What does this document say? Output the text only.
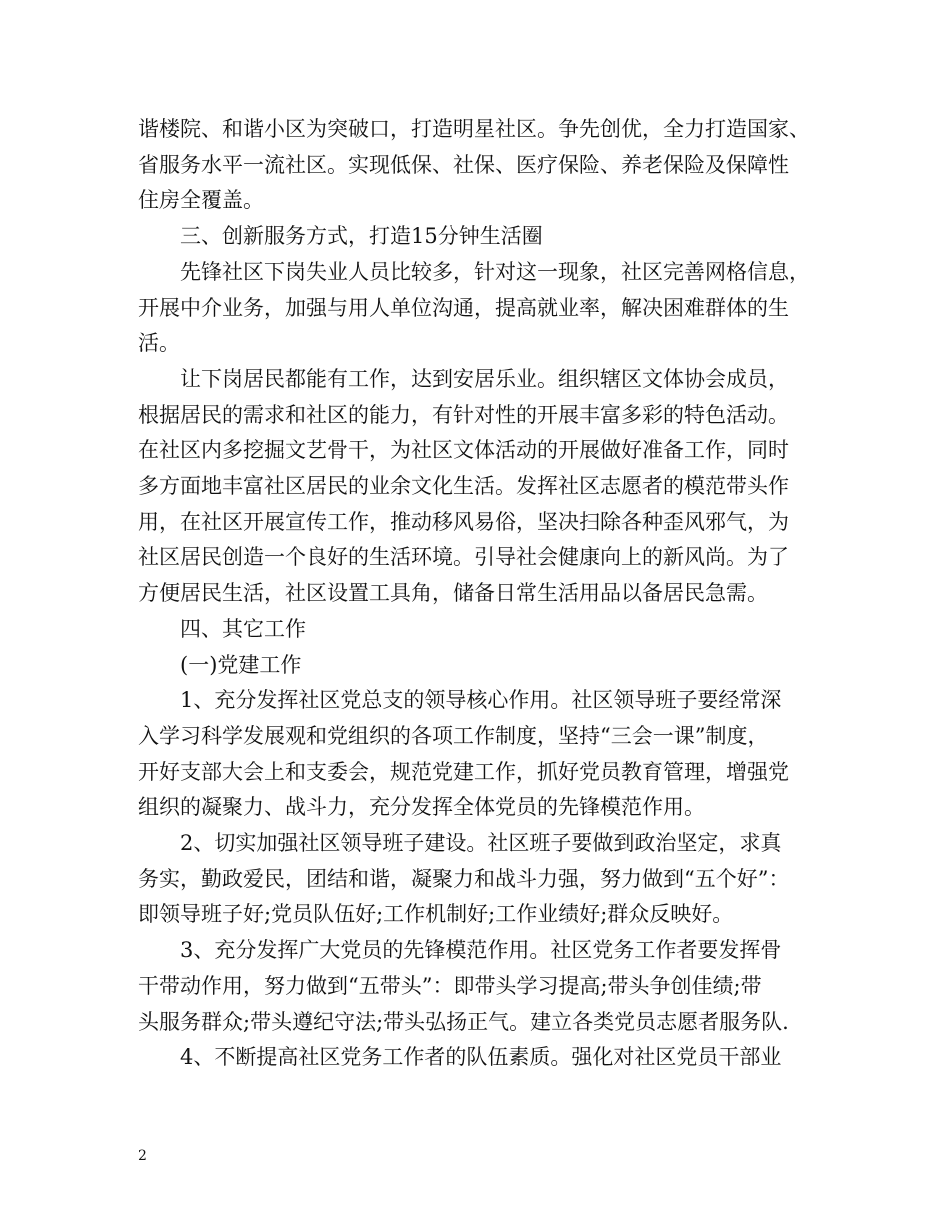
谐楼院、和谐小区为突破口，打造明星社区。争先创优，全力打造国家、
省服务水平一流社区。实现低保、社保、医疗保险、养老保险及保障性
住房全覆盖。

三、创新服务方式，打造15分钟生活圈

先锋社区下岗失业人员比较多，针对这一现象，社区完善网格信息，
开展中介业务，加强与用人单位沟通，提高就业率，解决困难群体的生
活。

让下岗居民都能有工作，达到安居乐业。组织辖区文体协会成员，
根据居民的需求和社区的能力，有针对性的开展丰富多彩的特色活动。
在社区内多挖掘文艺骨干，为社区文体活动的开展做好准备工作，同时
多方面地丰富社区居民的业余文化生活。发挥社区志愿者的模范带头作
用，在社区开展宣传工作，推动移风易俗，坚决扫除各种歪风邪气，为
社区居民创造一个良好的生活环境。引导社会健康向上的新风尚。为了
方便居民生活，社区设置工具角，储备日常生活用品以备居民急需。

四、其它工作

(一)党建工作

1、充分发挥社区党总支的领导核心作用。社区领导班子要经常深
入学习科学发展观和党组织的各项工作制度，坚持“三会一课”制度，
开好支部大会上和支委会，规范党建工作，抓好党员教育管理，增强党
组织的凝聚力、战斗力，充分发挥全体党员的先锋模范作用。

2、切实加强社区领导班子建设。社区班子要做到政治坚定，求真
务实，勤政爱民，团结和谐，凝聚力和战斗力强，努力做到“五个好”：
即领导班子好;党员队伍好;工作机制好;工作业绩好;群众反映好。

3、充分发挥广大党员的先锋模范作用。社区党务工作者要发挥骨
干带动作用，努力做到“五带头”：即带头学习提高;带头争创佳绩;带
头服务群众;带头遵纪守法;带头弘扬正气。建立各类党员志愿者服务队.

4、不断提高社区党务工作者的队伍素质。强化对社区党员干部业

2
